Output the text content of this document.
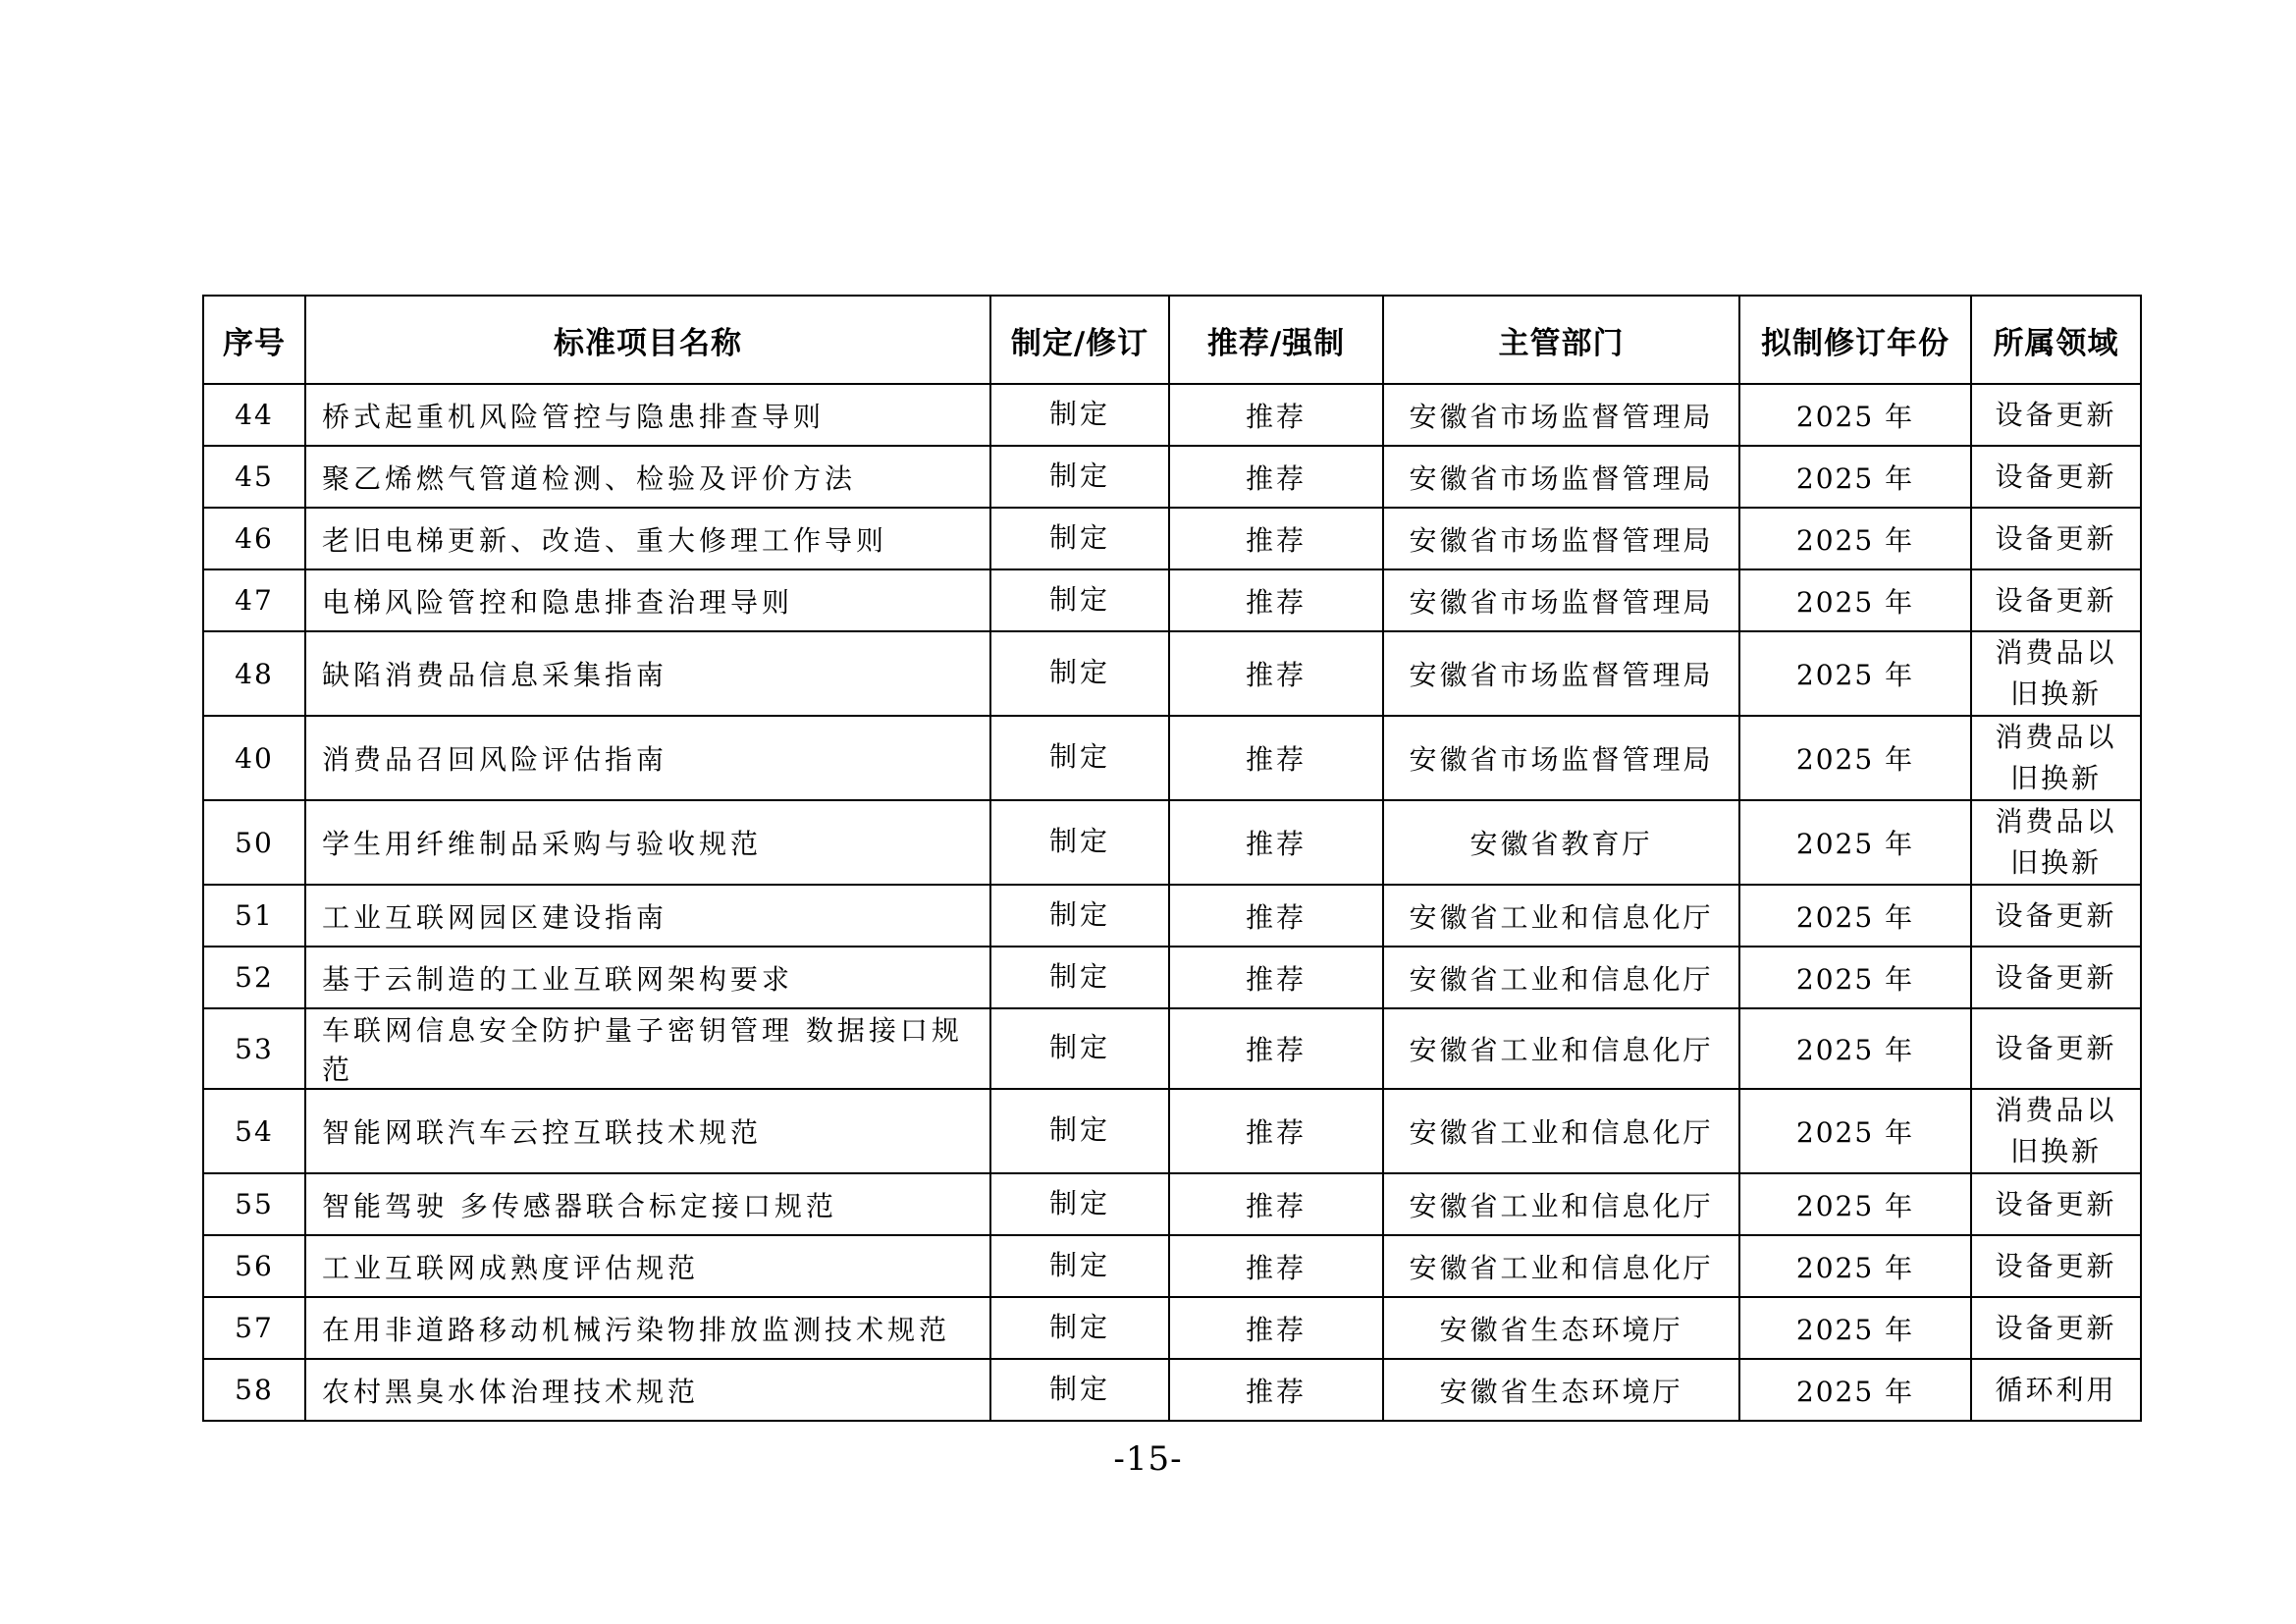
序号	标准项目名称	制定/修订	推荐/强制	主管部门	拟制修订年份	所属领域
44	桥式起重机风险管控与隐患排查导则	制定	推荐	安徽省市场监督管理局	2025 年	设备更新
45	聚乙烯燃气管道检测、检验及评价方法	制定	推荐	安徽省市场监督管理局	2025 年	设备更新
46	老旧电梯更新、改造、重大修理工作导则	制定	推荐	安徽省市场监督管理局	2025 年	设备更新
47	电梯风险管控和隐患排查治理导则	制定	推荐	安徽省市场监督管理局	2025 年	设备更新
48	缺陷消费品信息采集指南	制定	推荐	安徽省市场监督管理局	2025 年	消费品以旧换新
40	消费品召回风险评估指南	制定	推荐	安徽省市场监督管理局	2025 年	消费品以旧换新
50	学生用纤维制品采购与验收规范	制定	推荐	安徽省教育厅	2025 年	消费品以旧换新
51	工业互联网园区建设指南	制定	推荐	安徽省工业和信息化厅	2025 年	设备更新
52	基于云制造的工业互联网架构要求	制定	推荐	安徽省工业和信息化厅	2025 年	设备更新
53	车联网信息安全防护量子密钥管理 数据接口规范	制定	推荐	安徽省工业和信息化厅	2025 年	设备更新
54	智能网联汽车云控互联技术规范	制定	推荐	安徽省工业和信息化厅	2025 年	消费品以旧换新
55	智能驾驶 多传感器联合标定接口规范	制定	推荐	安徽省工业和信息化厅	2025 年	设备更新
56	工业互联网成熟度评估规范	制定	推荐	安徽省工业和信息化厅	2025 年	设备更新
57	在用非道路移动机械污染物排放监测技术规范	制定	推荐	安徽省生态环境厅	2025 年	设备更新
58	农村黑臭水体治理技术规范	制定	推荐	安徽省生态环境厅	2025 年	循环利用
-15-
